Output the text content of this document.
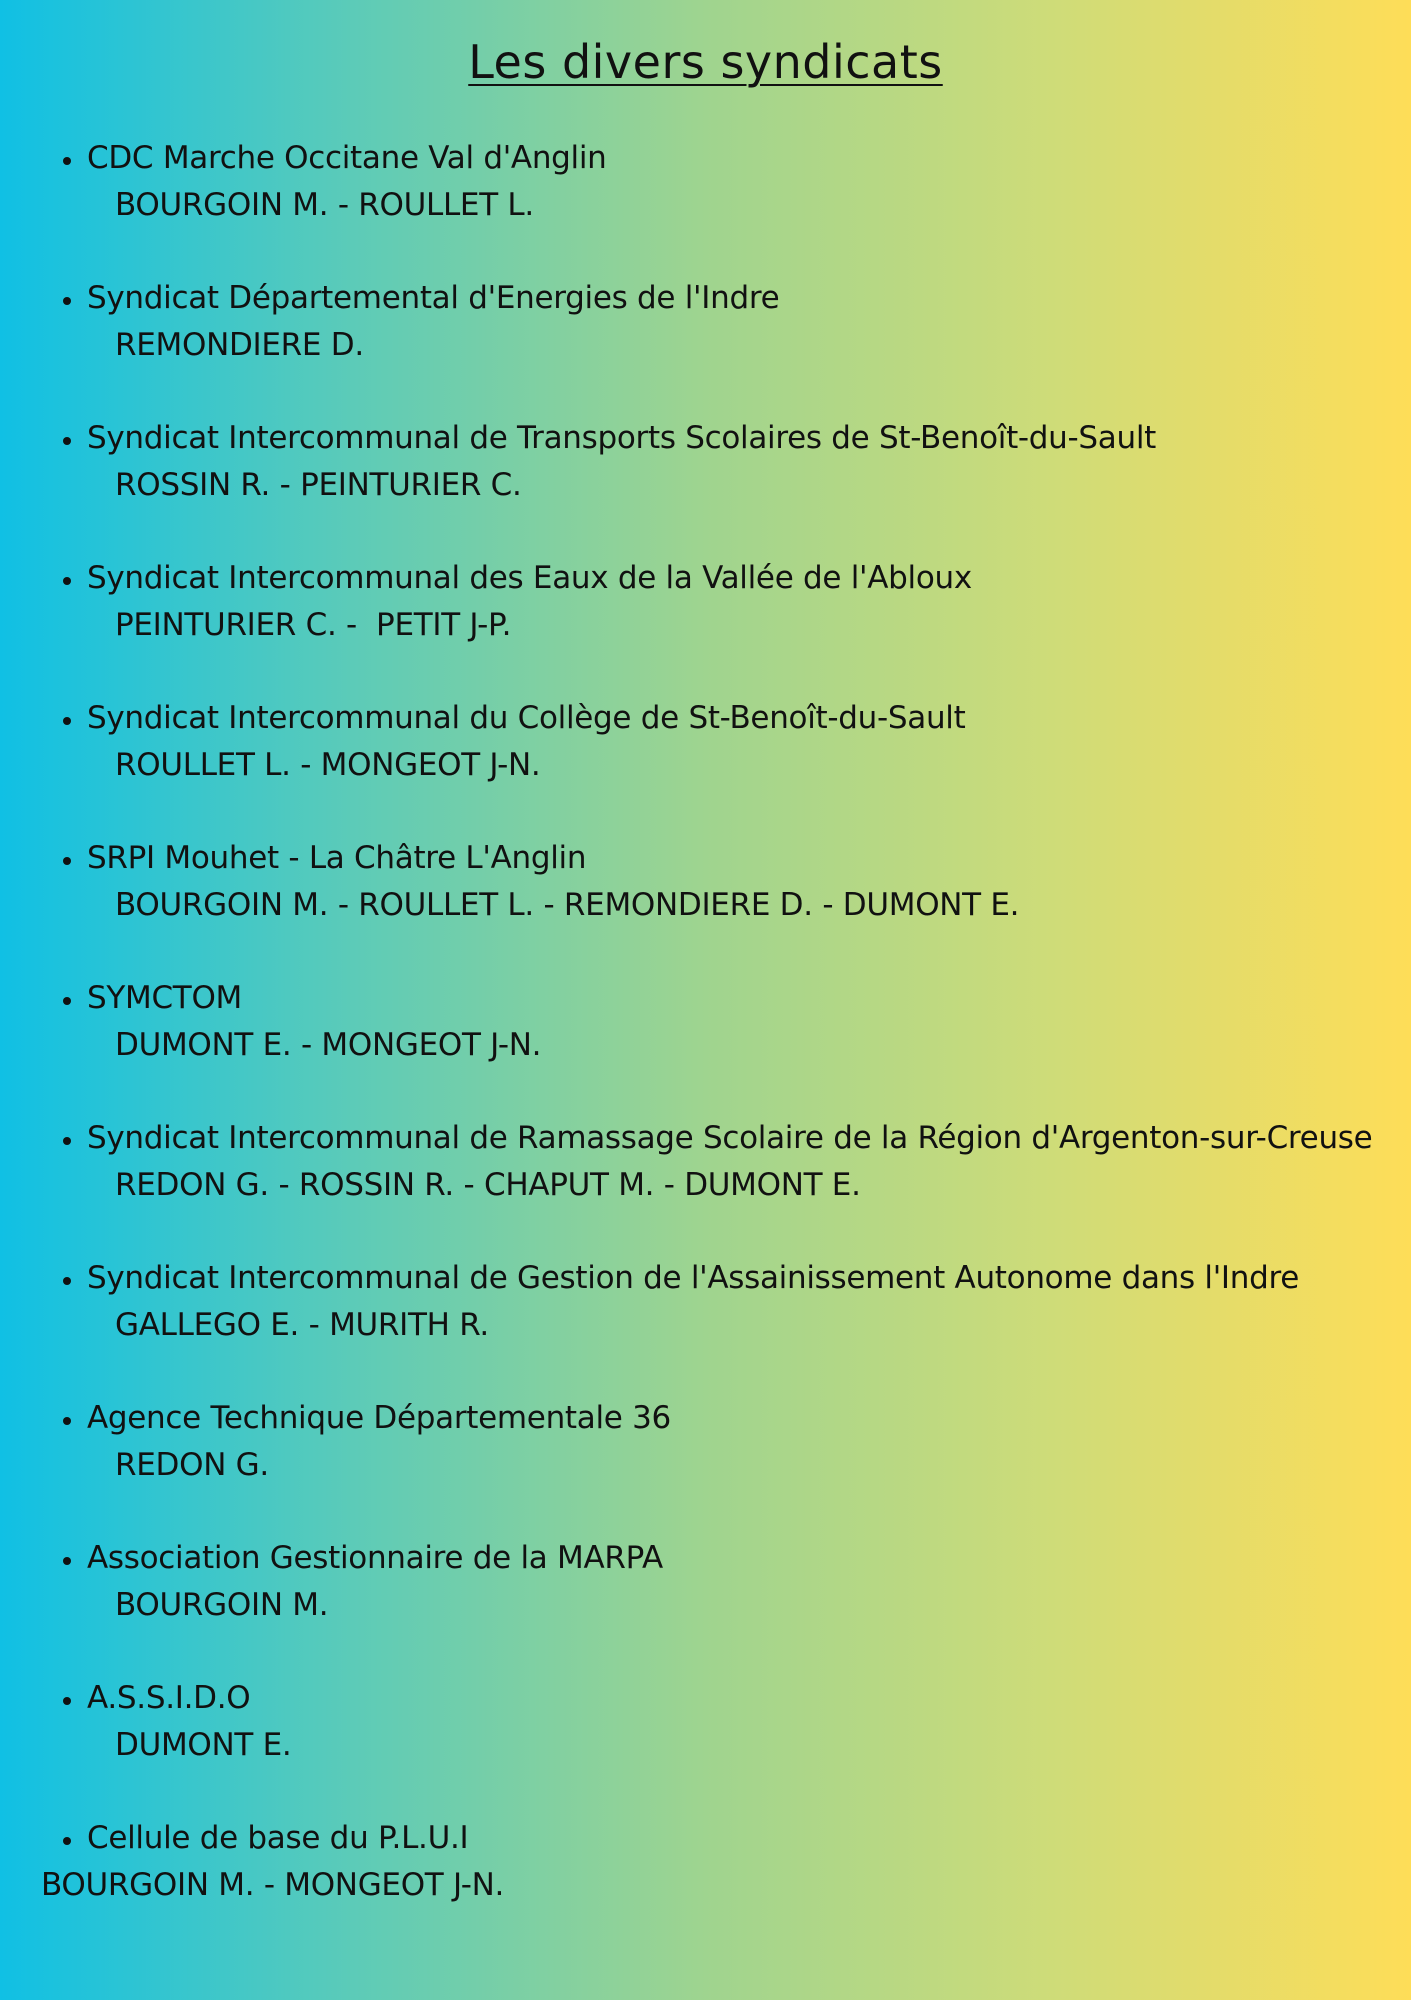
Les divers syndicats
CDC Marche Occitane Val d'Anglin
BOURGOIN M. - ROULLET L.
Syndicat Départemental d'Energies de l'Indre
REMONDIERE D.
Syndicat Intercommunal de Transports Scolaires de St-Benoît-du-Sault
ROSSIN R. - PEINTURIER C.
Syndicat Intercommunal des Eaux de la Vallée de l'Abloux
PEINTURIER C. -  PETIT J-P.
Syndicat Intercommunal du Collège de St-Benoît-du-Sault
ROULLET L. - MONGEOT J-N.
SRPI Mouhet - La Châtre L'Anglin
BOURGOIN M. - ROULLET L. - REMONDIERE D. - DUMONT E.
SYMCTOM
DUMONT E. - MONGEOT J-N.
Syndicat Intercommunal de Ramassage Scolaire de la Région d'Argenton-sur-Creuse
REDON G. - ROSSIN R. - CHAPUT M. - DUMONT E.
Syndicat Intercommunal de Gestion de l'Assainissement Autonome dans l'Indre
GALLEGO E. - MURITH R.
Agence Technique Départementale 36
REDON G.
Association Gestionnaire de la MARPA
BOURGOIN M.
A.S.S.I.D.O
DUMONT E.
Cellule de base du P.L.U.I
BOURGOIN M. - MONGEOT J-N.
